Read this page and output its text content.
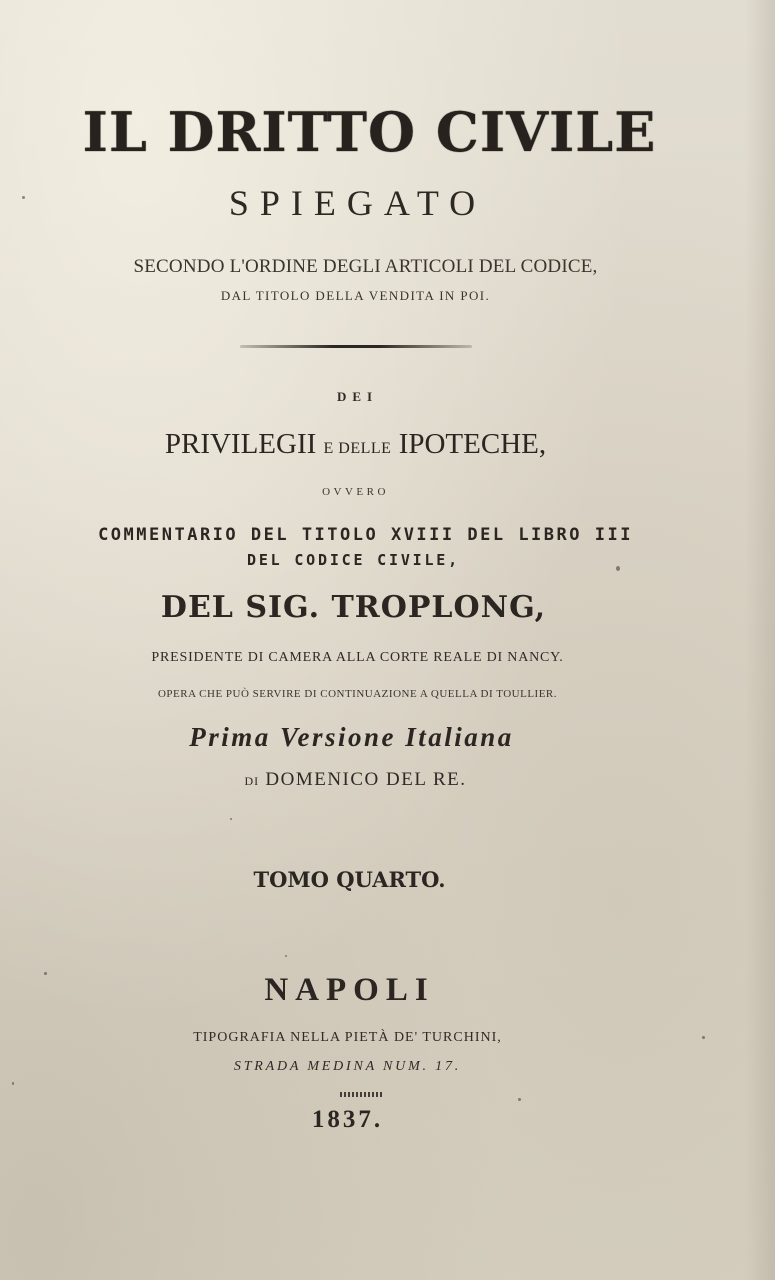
IL DRITTO CIVILE
SPIEGATO
SECONDO L'ORDINE DEGLI ARTICOLI DEL CODICE,
DAL TITOLO DELLA VENDITA IN POI.
DEI
PRIVILEGII E DELLE IPOTECHE,
OVVERO
COMMENTARIO DEL TITOLO XVIII DEL LIBRO III
DEL CODICE CIVILE,
DEL SIG. TROPLONG,
PRESIDENTE DI CAMERA ALLA CORTE REALE DI NANCY.
OPERA CHE PUÒ SERVIRE DI CONTINUAZIONE A QUELLA DI TOULLIER.
Prima Versione Italiana
DI DOMENICO DEL RE.
TOMO QUARTO.
NAPOLI
TIPOGRAFIA NELLA PIETÀ DE' TURCHINI,
STRADA MEDINA NUM. 17.
1837.
